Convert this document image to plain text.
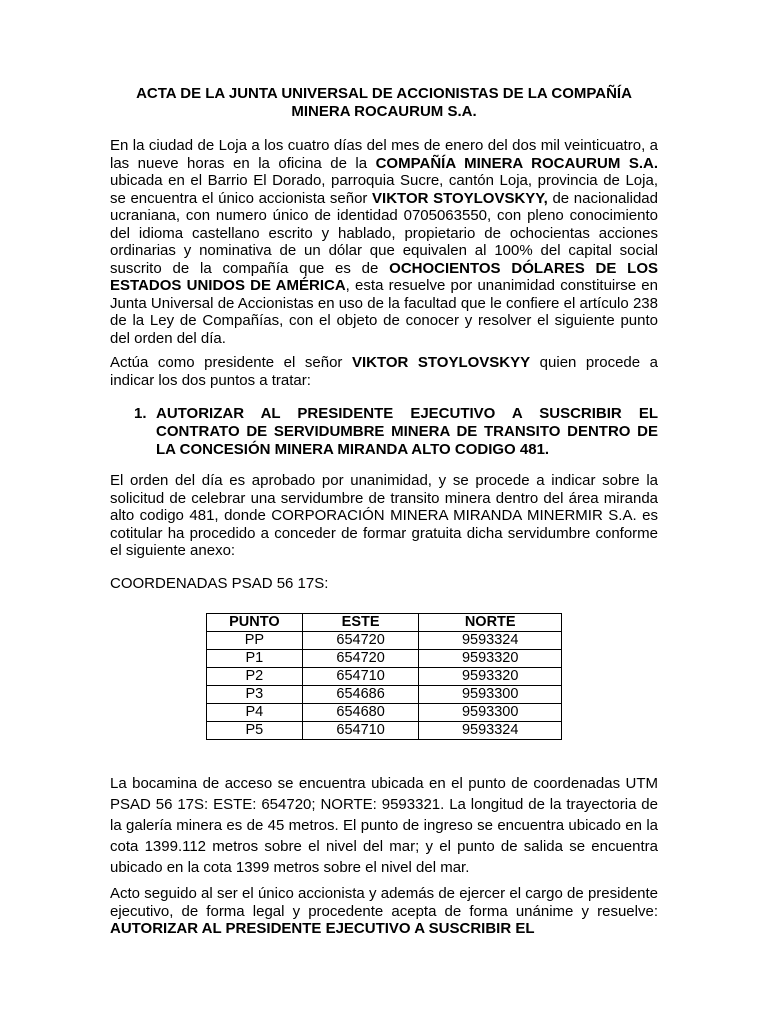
ACTA DE LA JUNTA UNIVERSAL DE ACCIONISTAS DE LA COMPAÑÍA MINERA ROCAURUM S.A.

En la ciudad de Loja a los cuatro días del mes de enero del dos mil veinticuatro, a las nueve horas en la oficina de la COMPAÑÍA MINERA ROCAURUM S.A. ubicada en el Barrio El Dorado, parroquia Sucre, cantón Loja, provincia de Loja, se encuentra el único accionista señor VIKTOR STOYLOVSKYY, de nacionalidad ucraniana, con numero único de identidad 0705063550, con pleno conocimiento del idioma castellano escrito y hablado, propietario de ochocientas acciones ordinarias y nominativa de un dólar que equivalen al 100% del capital social suscrito de la compañía que es de OCHOCIENTOS DÓLARES DE LOS ESTADOS UNIDOS DE AMÉRICA, esta resuelve por unanimidad constituirse en Junta Universal de Accionistas en uso de la facultad que le confiere el artículo 238 de la Ley de Compañías, con el objeto de conocer y resolver el siguiente punto del orden del día.

Actúa como presidente el señor VIKTOR STOYLOVSKYY quien procede a indicar los dos puntos a tratar:

1. AUTORIZAR AL PRESIDENTE EJECUTIVO A SUSCRIBIR EL CONTRATO DE SERVIDUMBRE MINERA DE TRANSITO DENTRO DE LA CONCESIÓN MINERA MIRANDA ALTO CODIGO 481.

El orden del día es aprobado por unanimidad, y se procede a indicar sobre la solicitud de celebrar una servidumbre de transito minera dentro del área miranda alto codigo 481, donde CORPORACIÓN MINERA MIRANDA MINERMIR S.A. es cotitular ha procedido a conceder de formar gratuita dicha servidumbre conforme el siguiente anexo:

COORDENADAS PSAD 56 17S:
PUNTO	ESTE	NORTE
PP	654720	9593324
P1	654720	9593320
P2	654710	9593320
P3	654686	9593300
P4	654680	9593300
P5	654710	9593324

La bocamina de acceso se encuentra ubicada en el punto de coordenadas UTM PSAD 56 17S: ESTE: 654720; NORTE: 9593321. La longitud de la trayectoria de la galería minera es de 45 metros. El punto de ingreso se encuentra ubicado en la cota 1399.112 metros sobre el nivel del mar; y el punto de salida se encuentra ubicado en la cota 1399 metros sobre el nivel del mar.

Acto seguido al ser el único accionista y además de ejercer el cargo de presidente ejecutivo, de forma legal y procedente acepta de forma unánime y resuelve: AUTORIZAR AL PRESIDENTE EJECUTIVO A SUSCRIBIR EL
